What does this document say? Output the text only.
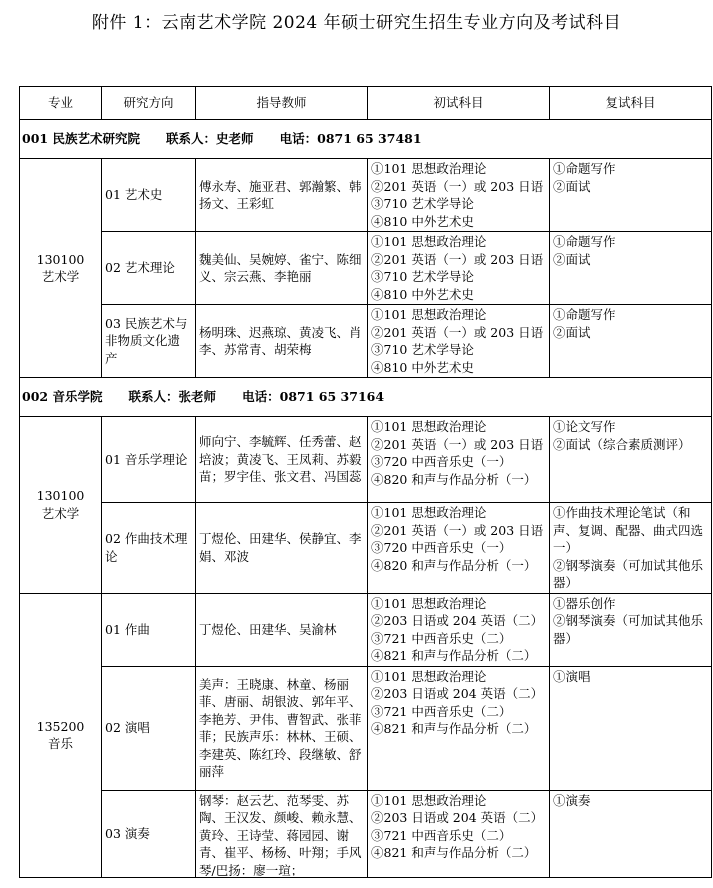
附件 1：云南艺术学院 2024 年硕士研究生招生专业方向及考试科目
专业	研究方向	指导教师	初试科目	复试科目
001 民族艺术研究院      联系人：史老师      电话：0871 65 37481				

130100
艺术学	01 艺术史	傅永寿、施亚君、郭瀚繁、韩扬文、王彩虹	①101 思想政治理论
②201 英语（一）或 203 日语
③710 艺术学导论
④810 中外艺术史	①命题写作
②面试

	02 艺术理论	魏美仙、吴婉婷、雀宁、陈细义、宗云燕、李艳丽	①101 思想政治理论
②201 英语（一）或 203 日语
③710 艺术学导论
④810 中外艺术史	①命题写作
②面试

	03 民族艺术与非物质文化遗产	杨明珠、迟燕琼、黄凌飞、肖李、苏常青、胡荣梅	①101 思想政治理论
②201 英语（一）或 203 日语
③710 艺术学导论
④810 中外艺术史	①命题写作
②面试

002 音乐学院      联系人：张老师      电话：0871 65 37164				

130100
艺术学	01 音乐学理论	师向宁、李毓辉、任秀蕾、赵培波；黄凌飞、王凤莉、苏毅苗；罗宇佳、张文君、冯国蕊	①101 思想政治理论
②201 英语（一）或 203 日语
③720 中西音乐史（一）
④820 和声与作品分析（一）	①论文写作
②面试（综合素质测评）

	02 作曲技术理论	丁煜伦、田建华、侯静宜、李娟、邓波	①101 思想政治理论
②201 英语（一）或 203 日语
③720 中西音乐史（一）
④820 和声与作品分析（一）	①作曲技术理论笔试（和声、复调、配器、曲式四选一）
②钢琴演奏（可加试其他乐器）

135200
音乐	01 作曲	丁煜伦、田建华、吴渝林	①101 思想政治理论
②203 日语或 204 英语（二）
③721 中西音乐史（二）
④821 和声与作品分析（二）	①器乐创作
②钢琴演奏（可加试其他乐器）

	02 演唱	美声：王晓康、林童、杨丽菲、唐丽、胡银波、郭年平、李艳芳、尹伟、曹智武、张菲菲；民族声乐：林林、王硕、李建英、陈红玲、段继敏、舒丽萍	①101 思想政治理论
②203 日语或 204 英语（二）
③721 中西音乐史（二）
④821 和声与作品分析（二）	①演唱

	03 演奏	钢琴：赵云艺、范琴雯、苏陶、王汉发、颜峻、赖永慧、黄玲、王诗莹、蒋园园、谢青、崔平、杨杨、叶翔；手风琴/巴扬：廖一瑄；	①101 思想政治理论
②203 日语或 204 英语（二）
③721 中西音乐史（二）
④821 和声与作品分析（二）	①演奏
